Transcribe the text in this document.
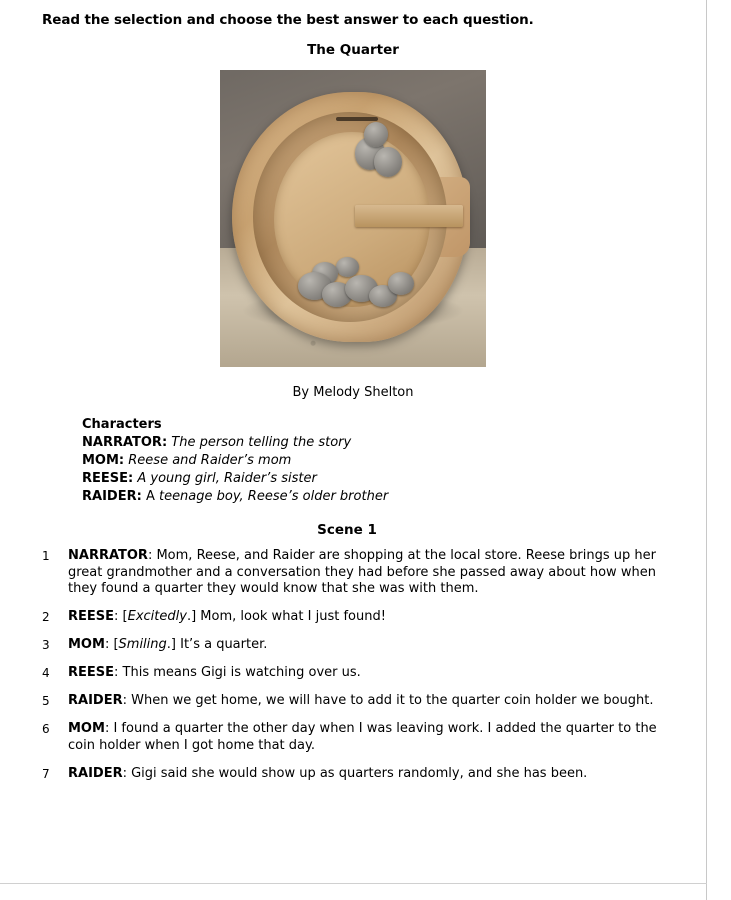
Read the selection and choose the best answer to each question.
The Quarter
By Melody Shelton
Characters
NARRATOR: The person telling the story
MOM: Reese and Raider’s mom
REESE: A young girl, Raider’s sister
RAIDER: A teenage boy, Reese’s older brother
Scene 1
1	NARRATOR: Mom, Reese, and Raider are shopping at the local store. Reese brings up her great grandmother and a conversation they had before she passed away about how when they found a quarter they would know that she was with them.
2	REESE: [Excitedly.] Mom, look what I just found!
3	MOM: [Smiling.] It’s a quarter.
4	REESE: This means Gigi is watching over us.
5	RAIDER: When we get home, we will have to add it to the quarter coin holder we bought.
6	MOM: I found a quarter the other day when I was leaving work. I added the quarter to the coin holder when I got home that day.
7	RAIDER: Gigi said she would show up as quarters randomly, and she has been.
